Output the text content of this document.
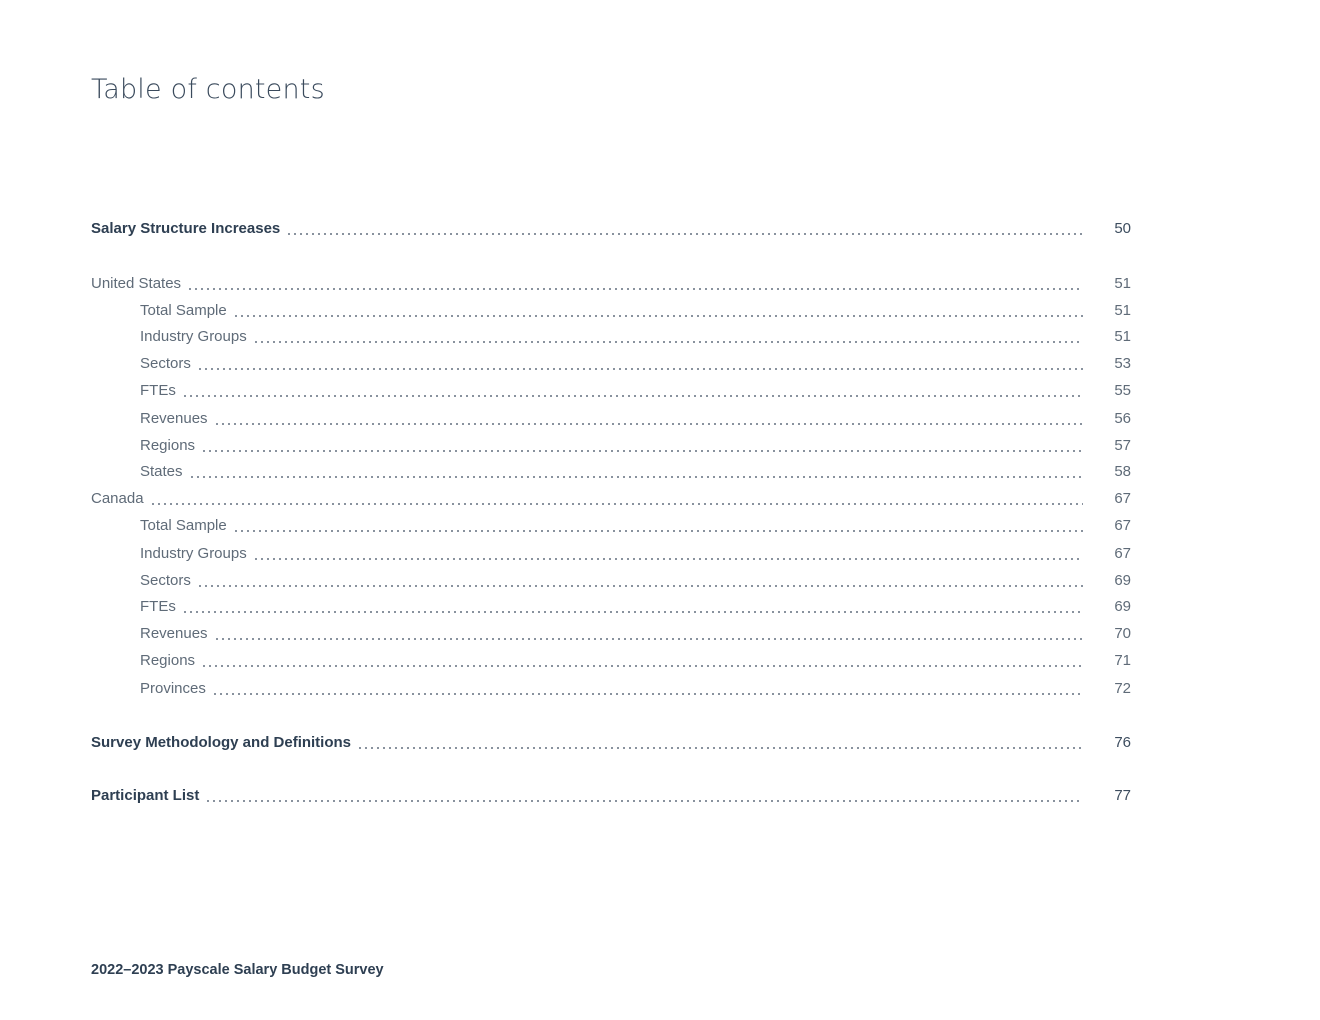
Table of contents
Salary Structure Increases	50
United States	51
Total Sample	51
Industry Groups	51
Sectors	53
FTEs	55
Revenues	56
Regions	57
States	58
Canada	67
Total Sample	67
Industry Groups	67
Sectors	69
FTEs	69
Revenues	70
Regions	71
Provinces	72
Survey Methodology and Definitions	76
Participant List	77

2022–2023 Payscale Salary Budget Survey
